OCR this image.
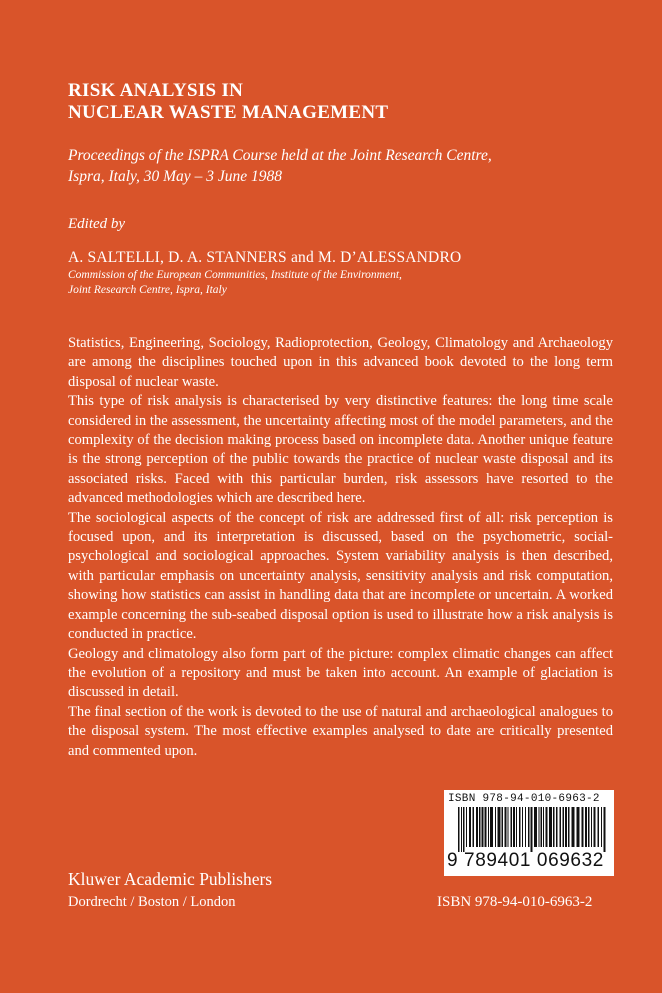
RISK ANALYSIS IN
NUCLEAR WASTE MANAGEMENT
Proceedings of the ISPRA Course held at the Joint Research Centre,
Ispra, Italy, 30 May – 3 June 1988
Edited by
A. SALTELLI, D. A. STANNERS and M. D’ALESSANDRO
Commission of the European Communities, Institute of the Environment,
Joint Research Centre, Ispra, Italy

Statistics, Engineering, Sociology, Radioprotection, Geology, Climatology and Archaeology are among the disciplines touched upon in this advanced book devoted to the long term disposal of nuclear waste.

This type of risk analysis is characterised by very distinctive features: the long time scale considered in the assessment, the uncertainty affecting most of the model parameters, and the complexity of the decision making process based on incomplete data. Another unique feature is the strong perception of the public towards the practice of nuclear waste disposal and its associated risks. Faced with this particular burden, risk assessors have resorted to the advanced methodologies which are described here.

The sociological aspects of the concept of risk are addressed first of all: risk perception is focused upon, and its interpretation is discussed, based on the psychometric, social-psychological and sociological approaches. System variability analysis is then described, with particular emphasis on uncertainty analysis, sensitivity analysis and risk computation, showing how statistics can assist in handling data that are incomplete or uncertain. A worked example concerning the sub-seabed disposal option is used to illustrate how a risk analysis is conducted in practice.

Geology and climatology also form part of the picture: complex climatic changes can affect the evolution of a repository and must be taken into account. An example of glaciation is discussed in detail.

The final section of the work is devoted to the use of natural and archaeological analogues to the disposal system. The most effective examples analysed to date are critically presented and commented upon.

ISBN 978-94-010-6963-2
9 789401 069632
Kluwer Academic Publishers
Dordrecht / Boston / London	ISBN 978-94-010-6963-2
